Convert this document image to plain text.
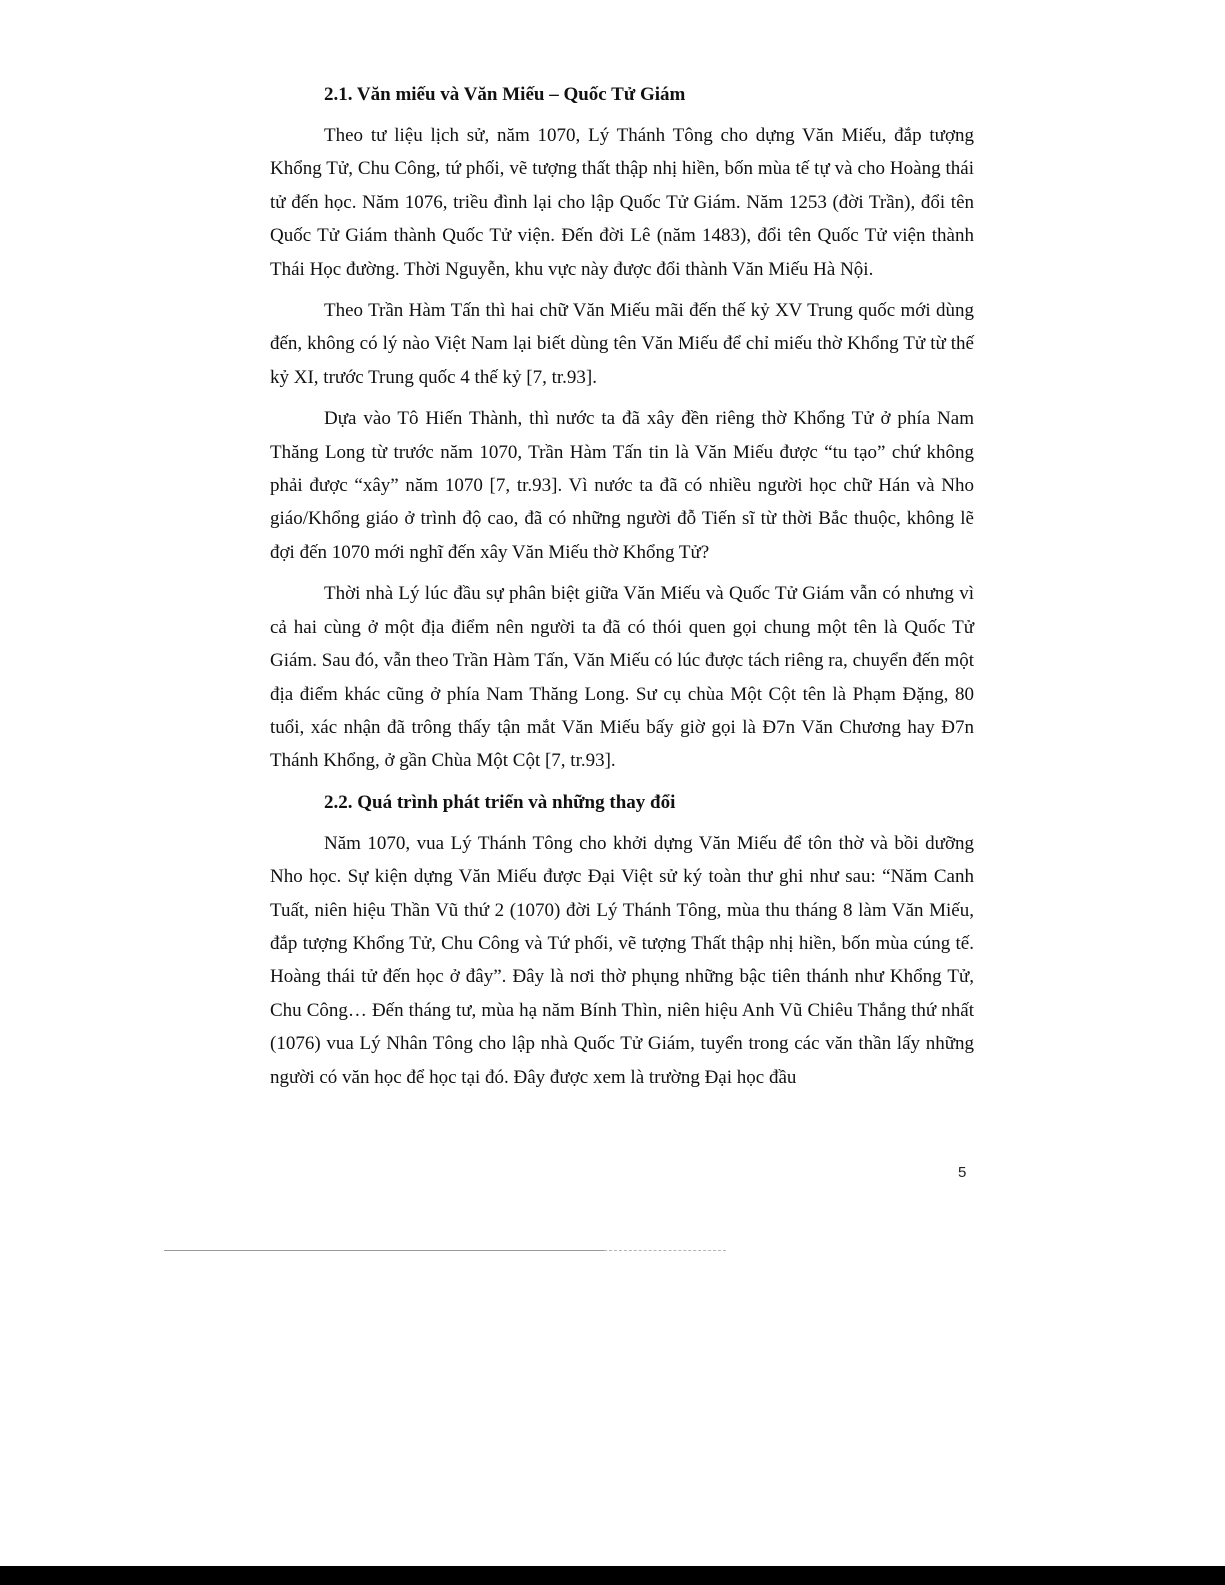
2.1. Văn miếu và Văn Miếu – Quốc Tử Giám

Theo tư liệu lịch sử, năm 1070, Lý Thánh Tông cho dựng Văn Miếu, đắp tượng Khổng Tử, Chu Công, tứ phối, vẽ tượng thất thập nhị hiền, bốn mùa tế tự và cho Hoàng thái tử đến học. Năm 1076, triều đình lại cho lập Quốc Tử Giám. Năm 1253 (đời Trần), đổi tên Quốc Tử Giám thành Quốc Tử viện. Đến đời Lê (năm 1483), đổi tên Quốc Tử viện thành Thái Học đường. Thời Nguyễn, khu vực này được đổi thành Văn Miếu Hà Nội.

Theo Trần Hàm Tấn thì hai chữ Văn Miếu mãi đến thế kỷ XV Trung quốc mới dùng đến, không có lý nào Việt Nam lại biết dùng tên Văn Miếu để chỉ miếu thờ Khổng Tử từ thế kỷ XI, trước Trung quốc 4 thế kỷ [7, tr.93].

Dựa vào Tô Hiến Thành, thì nước ta đã xây đền riêng thờ Khổng Tử ở phía Nam Thăng Long từ trước năm 1070, Trần Hàm Tấn tin là Văn Miếu được “tu tạo” chứ không phải được “xây” năm 1070 [7, tr.93]. Vì nước ta đã có nhiều người học chữ Hán và Nho giáo/Khổng giáo ở trình độ cao, đã có những người đỗ Tiến sĩ từ thời Bắc thuộc, không lẽ đợi đến 1070 mới nghĩ đến xây Văn Miếu thờ Khổng Tử?

Thời nhà Lý lúc đầu sự phân biệt giữa Văn Miếu và Quốc Tử Giám vẫn có nhưng vì cả hai cùng ở một địa điểm nên người ta đã có thói quen gọi chung một tên là Quốc Tử Giám. Sau đó, vẫn theo Trần Hàm Tấn, Văn Miếu có lúc được tách riêng ra, chuyển đến một địa điểm khác cũng ở phía Nam Thăng Long. Sư cụ chùa Một Cột tên là Phạm Đặng, 80 tuổi, xác nhận đã trông thấy tận mắt Văn Miếu bấy giờ gọi là Đ7n Văn Chương hay Đ7n Thánh Khổng, ở gần Chùa Một Cột [7, tr.93].

2.2. Quá trình phát triển và những thay đổi

Năm 1070, vua Lý Thánh Tông cho khởi dựng Văn Miếu để tôn thờ và bồi dưỡng Nho học. Sự kiện dựng Văn Miếu được Đại Việt sử ký toàn thư ghi như sau: “Năm Canh Tuất, niên hiệu Thần Vũ thứ 2 (1070) đời Lý Thánh Tông, mùa thu tháng 8 làm Văn Miếu, đắp tượng Khổng Tử, Chu Công và Tứ phối, vẽ tượng Thất thập nhị hiền, bốn mùa cúng tế. Hoàng thái tử đến học ở đây”. Đây là nơi thờ phụng những bậc tiên thánh như Khổng Tử, Chu Công… Đến tháng tư, mùa hạ năm Bính Thìn, niên hiệu Anh Vũ Chiêu Thắng thứ nhất (1076) vua Lý Nhân Tông cho lập nhà Quốc Tử Giám, tuyển trong các văn thần lấy những người có văn học để học tại đó. Đây được xem là trường Đại học đầu

5
